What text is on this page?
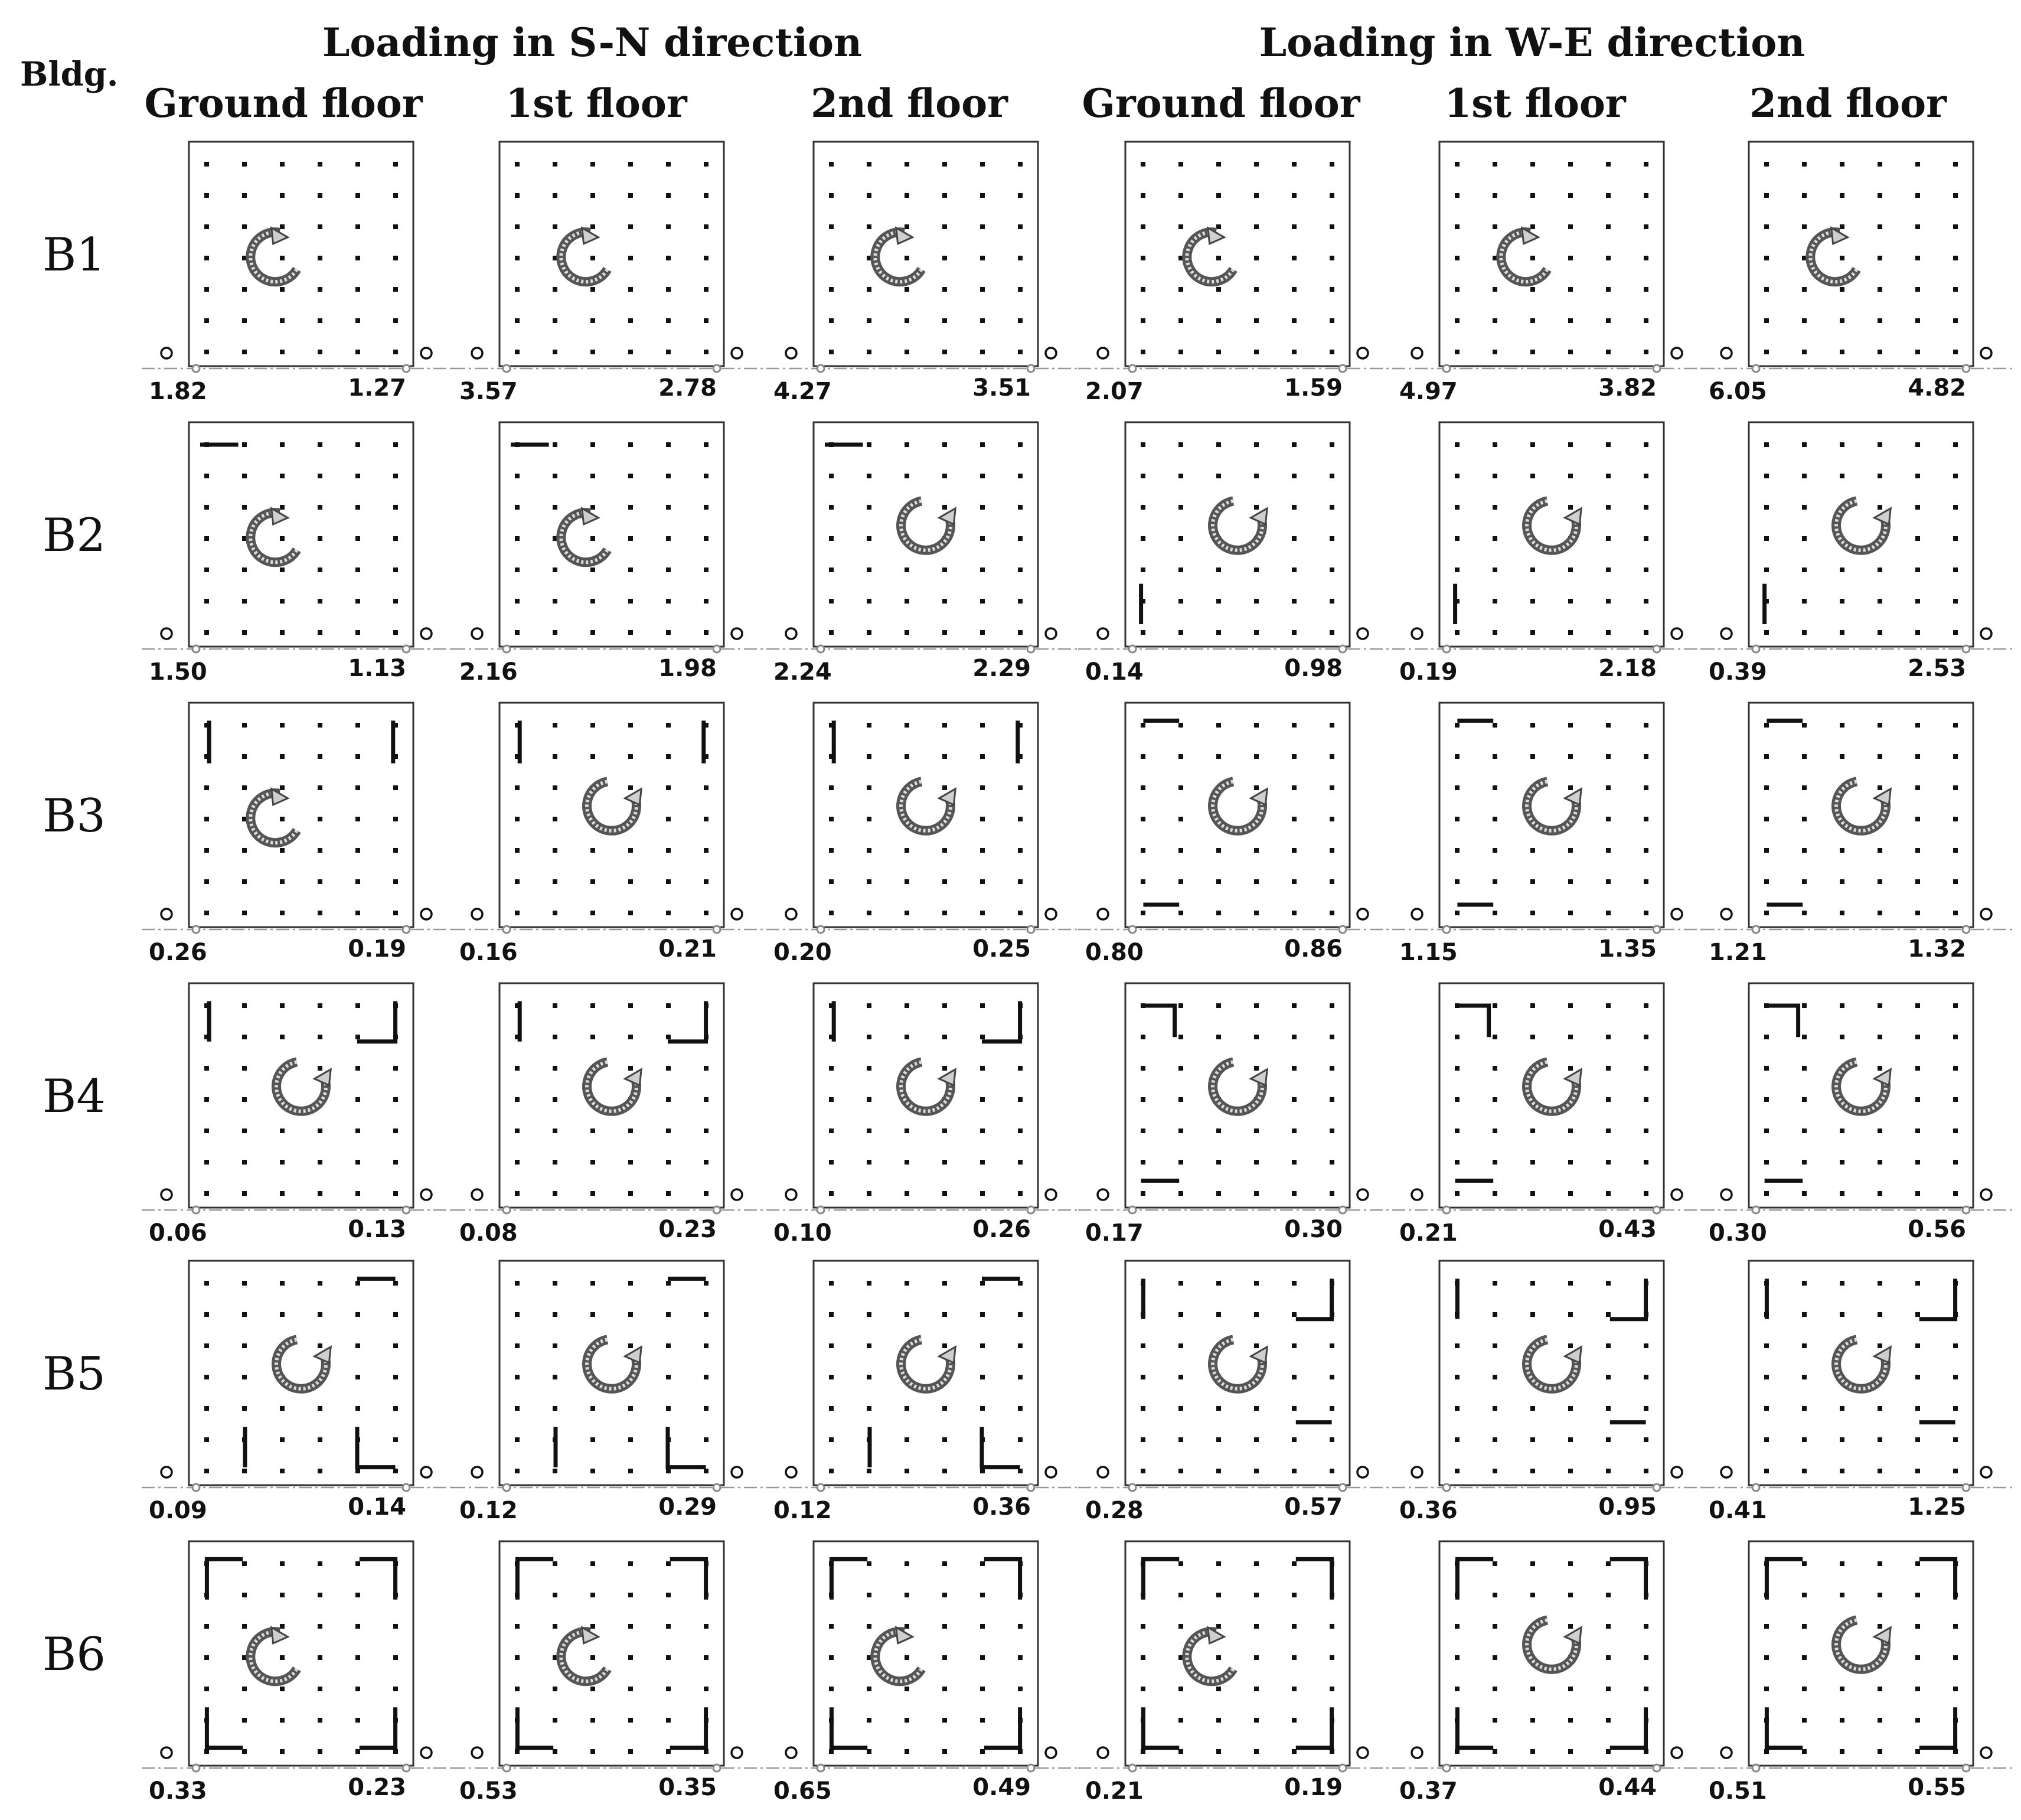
Bldg.
Loading in S-N direction	Loading in W-E direction
Ground floor 1st floor	2nd floor Ground floor 1st floor	2nd floor
B1
1.82	1.27 3.57	2.78 4.27	3.51 2.07	1.59 4.97	3.82 6.05	4.82
B2
1.50	1.13 2.16	1.98 2.24	2.29 0.14	0.98 0.19	2.18 0.39	2.53
B3
0.26	0.19 0.16	0.21 0.20	0.25 0.80	0.86 1.15	1.35 1.21	1.32
B4
0.06	0.13 0.08	0.23 0.10	0.26 0.17	0.30 0.21	0.43 0.30	0.56
B5
0.09	0.14 0.12	0.29 0.12	0.36 0.28	0.57 0.36	0.95 0.41	1.25
B6
0.33	0.23 0.53	0.35 0.65	0.49 0.21	0.19 0.37	0.44 0.51	0.55
